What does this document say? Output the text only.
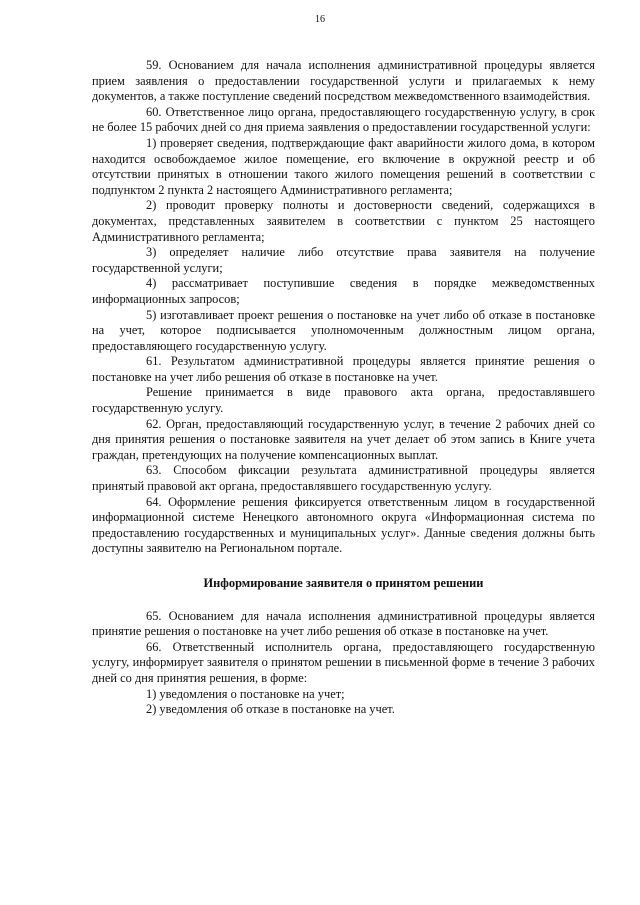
16

59. Основанием для начала исполнения административной процедуры является прием заявления о предоставлении государственной услуги и прилагаемых к нему документов, а также поступление сведений посредством межведомственного взаимодействия.

60. Ответственное лицо органа, предоставляющего государственную услугу, в срок не более 15 рабочих дней со дня приема заявления о предоставлении государственной услуги:

1) проверяет сведения, подтверждающие факт аварийности жилого дома, в котором находится освобождаемое жилое помещение, его включение в окружной реестр и об отсутствии принятых в отношении такого жилого помещения решений в соответствии с подпунктом 2 пункта 2 настоящего Административного регламента;

2) проводит проверку полноты и достоверности сведений, содержащихся в документах, представленных заявителем в соответствии с пунктом 25 настоящего Административного регламента;

3) определяет наличие либо отсутствие права заявителя на получение государственной услуги;

4) рассматривает поступившие сведения в порядке межведомственных информационных запросов;

5) изготавливает проект решения о постановке на учет либо об отказе в постановке на учет, которое подписывается уполномоченным должностным лицом органа, предоставляющего государственную услугу.

61. Результатом административной процедуры является принятие решения о постановке на учет либо решения об отказе в постановке на учет.

Решение принимается в виде правового акта органа, предоставлявшего государственную услугу.

62. Орган, предоставляющий государственную услуг, в течение 2 рабочих дней со дня принятия решения о постановке заявителя на учет делает об этом запись в Книге учета граждан, претендующих на получение компенсационных выплат.

63. Способом фиксации результата административной процедуры является принятый правовой акт органа, предоставлявшего государственную услугу.

64. Оформление решения фиксируется ответственным лицом в государственной информационной системе Ненецкого автономного округа «Информационная система по предоставлению государственных и муниципальных услуг». Данные сведения должны быть доступны заявителю на Региональном портале.

Информирование заявителя о принятом решении

65. Основанием для начала исполнения административной процедуры является принятие решения о постановке на учет либо решения об отказе в постановке на учет.

66. Ответственный исполнитель органа, предоставляющего государственную услугу, информирует заявителя о принятом решении в письменной форме в течение 3 рабочих дней со дня принятия решения, в форме:

1) уведомления о постановке на учет;

2) уведомления об отказе в постановке на учет.
